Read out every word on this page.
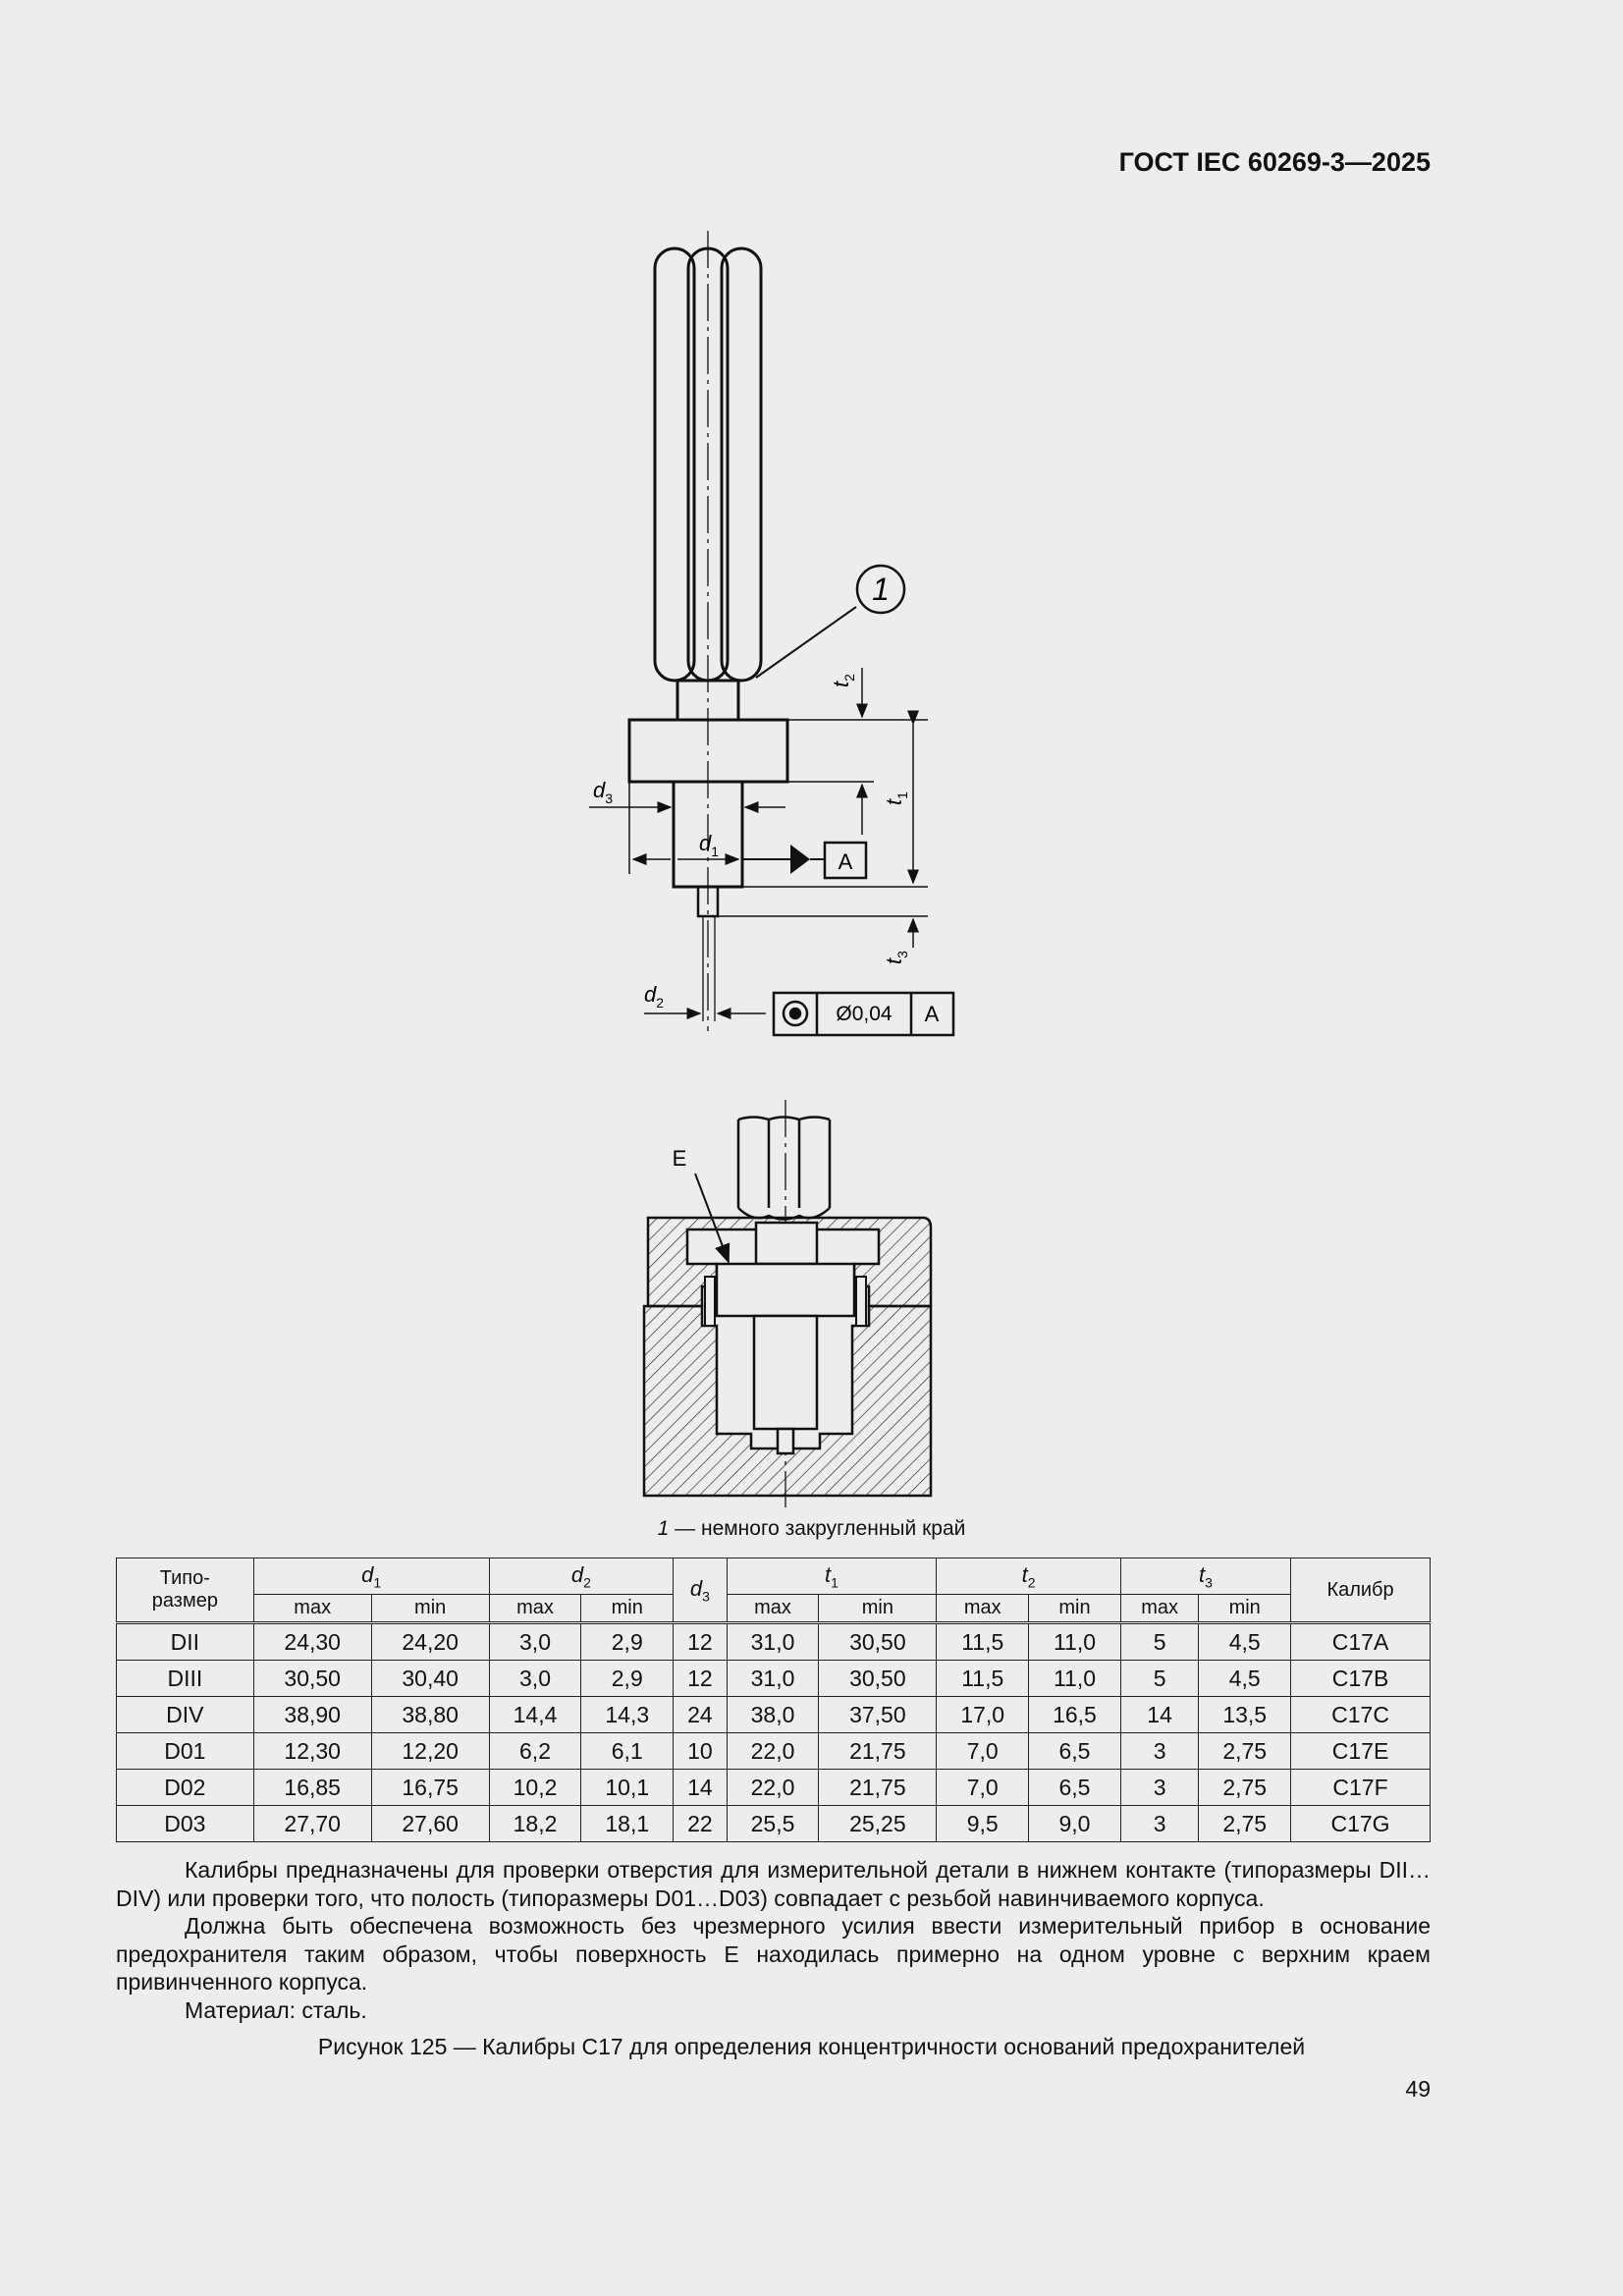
ГОСТ IEC 60269-3—2025
1
$t_1$
$t_2$
$t_3$
$d_3$
$d_1$	A
$d_2$	Ø0,04 A
E
1 — немного закругленный край
Типо-
размер	$d_1$		$d_2$		$d_3$	$t_1$		$t_2$		$t_3$		Калибр
	max	min	max	min		max	min	max	min	max	min	
DII	24,30	24,20	3,0	2,9	12	31,0	30,50	11,5	11,0	5	4,5	C17A
DIII	30,50	30,40	3,0	2,9	12	31,0	30,50	11,5	11,0	5	4,5	C17B
DIV	38,90	38,80	14,4	14,3	24	38,0	37,50	17,0	16,5	14	13,5	C17C
D01	12,30	12,20	6,2	6,1	10	22,0	21,75	7,0	6,5	3	2,75	C17E
D02	16,85	16,75	10,2	10,1	14	22,0	21,75	7,0	6,5	3	2,75	C17F
D03	27,70	27,60	18,2	18,1	22	25,5	25,25	9,5	9,0	3	2,75	C17G

Калибры предназначены для проверки отверстия для измерительной детали в нижнем контакте (типоразмеры DII…DIV) или проверки того, что полость (типоразмеры D01…D03) совпадает с резьбой навинчиваемого корпуса.

Должна быть обеспечена возможность без чрезмерного усилия ввести измерительный прибор в основание предохранителя таким образом, чтобы поверхность E находилась примерно на одном уровне с верхним краем привинченного корпуса.

Материал: сталь.

Рисунок 125 — Калибры C17 для определения концентричности оснований предохранителей
49
